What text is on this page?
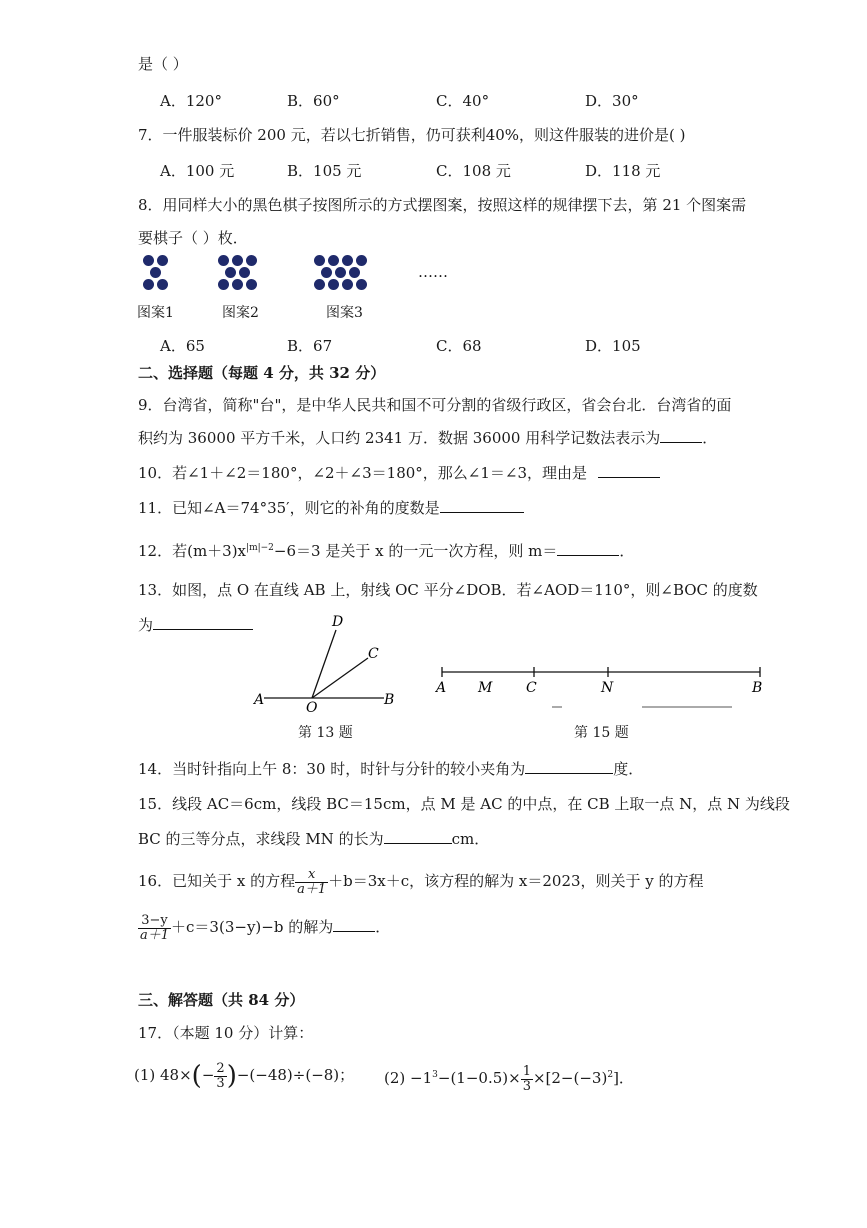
是（ ）
A．120°	B．60°	C．40°	D．30°
7．一件服装标价 200 元，若以七折销售，仍可获利40%，则这件服装的进价是( )
A．100 元	B．105 元	C．108 元	D．118 元
8．用同样大小的黑色棋子按图所示的方式摆图案，按照这样的规律摆下去，第 21 个图案需
要棋子（ ）枚．
……
图案1	图案2	图案3
A．65	B．67	C．68	D．105
二、选择题（每题 4 分，共 32 分）
9．台湾省，简称"台"，是中华人民共和国不可分割的省级行政区，省会台北．台湾省的面
积约为 36000 平方千米，人口约 2341 万．数据 36000 用科学记数法表示为	．
10．若∠1＋∠2＝180°，∠2＋∠3＝180°，那么∠1＝∠3，理由是
11．已知∠A＝74°35′，则它的补角的度数是
12．若$(m+3)x^{|m|-2}-6=3$ 是关于 x 的一元一次方程，则 m＝	．
13．如图，点 O 在直线 AB 上，射线 OC 平分∠DOB．若∠AOD＝110°，则∠BOC 的度数
为	D
C
A	O	B
第 13 题
A M C	N	B
第 15 题
14．当时针指向上午 8：30 时，时针与分针的较小夹角为	度．
15．线段 AC＝6cm，线段 BC＝15cm，点 M 是 AC 的中点，在 CB 上取一点 N，点 N 为线段
BC 的三等分点，求线段 MN 的长为	cm．
16．已知关于 x 的方程 $\frac{x}{a+1} +b=3x+c$，该方程的解为 x＝2023，则关于 y 的方程
$\frac{3-y}{a+1} +c=3(3-y)-b$ 的解为	．
三、解答题（共 84 分）
17．（本题 10 分）计算：
(1) $48\times(- \frac{2}{3} )-(-48)\div(-8)$； $(2) -1^3-(1-0.5)\times \frac{1}{3} \times[2-(-3)^2]$．
